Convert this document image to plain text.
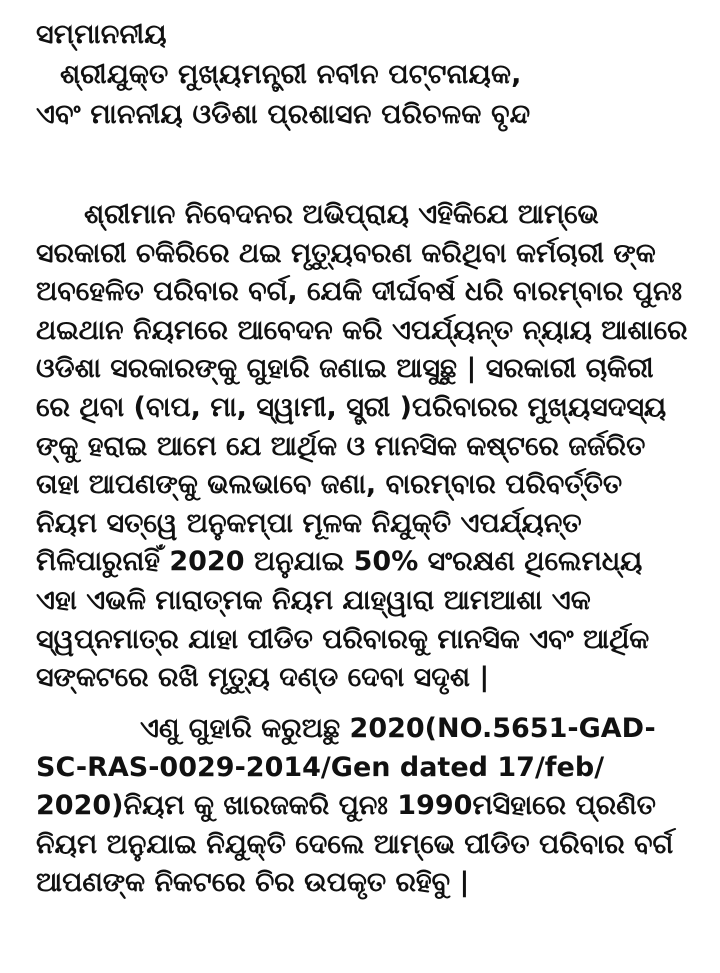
ସମ୍ମାନନୀୟ
ଶ୍ରୀଯୁକ୍ତ ମୁଖ୍ୟମନ୍ତ୍ରୀ ନବୀନ ପଟ୍ଟନାୟକ,
ଏବଂ ମାନନୀୟ ଓଡିଶା ପ୍ରଶାସନ ପରିଚଳକ ବୃନ୍ଦ
ଶ୍ରୀମାନ ନିବେଦନର ଅଭିପ୍ରାୟ ଏହିକିଯେ ଆମ୍ଭେ ସରକାରୀ ଚକିରିରେ ଥଇ ମୃତ୍ୟୁବରଣ କରିଥିବା କର୍ମଚାରୀ ଙ୍କ ଅବହେଳିତ ପରିବାର ବର୍ଗ, ଯେକି ଦୀର୍ଘବର୍ଷ ଧରି ବାରମ୍ବାର ପୁନଃ ଥଇଥାନ ନିୟମରେ ଆବେଦନ କରି ଏପର୍ଯ୍ୟନ୍ତ ନ୍ୟାୟ ଆଶାରେ ଓଡିଶା ସରକାରଙ୍କୁ ଗୁହାରି ଜଣାଇ ଆସୁଛୁ | ସରକାରୀ ଚାକିରୀ ରେ ଥିବା (ବାପ, ମା, ସ୍ୱାମୀ, ସ୍ତ୍ରୀ )ପରିବାରର ମୁଖ୍ୟସଦସ୍ୟ ଙ୍କୁ ହରାଇ ଆମେ ଯେ ଆର୍ଥିକ ଓ ମାନସିକ କଷ୍ଟରେ ଜର୍ଜରିତ ତାହା ଆପଣଙ୍କୁ ଭଲଭାବେ ଜଣା, ବାରମ୍ବାର ପରିବର୍ତ୍ତିତ ନିୟମ ସତ୍ୱେ ଅନୁକମ୍ପା ମୂଳକ ନିଯୁକ୍ତି ଏପର୍ଯ୍ୟନ୍ତ ମିଳିପାରୁନାହିଁ 2020 ଅନୁଯାଇ 50% ସଂରକ୍ଷଣ ଥିଲେମଧ୍ୟ ଏହା ଏଭଳି ମାରାତ୍ମକ ନିୟମ ଯାହ୍ୱାରା ଆମଆଶା ଏକ ସ୍ୱପ୍ନମାତ୍ର ଯାହା ପୀଡିତ ପରିବାରକୁ ମାନସିକ ଏବଂ ଆର୍ଥିକ ସଙ୍କଟରେ ରଖି ମୃତ୍ୟୁ ଦଣ୍ଡ ଦେବା ସଦୃଶ |
ଏଣୁ ଗୁହାରି କରୁଅଛୁ 2020(NO.5651-GAD-SC-RAS-0029-2014/Gen dated 17/feb/ 2020)ନିୟମ କୁ ଖାରଜକରି ପୁନଃ 1990ମସିହାରେ ପ୍ରଣିତ ନିୟମ ଅନୁଯାଇ ନିଯୁକ୍ତି ଦେଲେ ଆମ୍ଭେ ପୀଡିତ ପରିବାର ବର୍ଗ ଆପଣଙ୍କ ନିକଟରେ ଚିର ଉପକୃତ ରହିବୁ |
